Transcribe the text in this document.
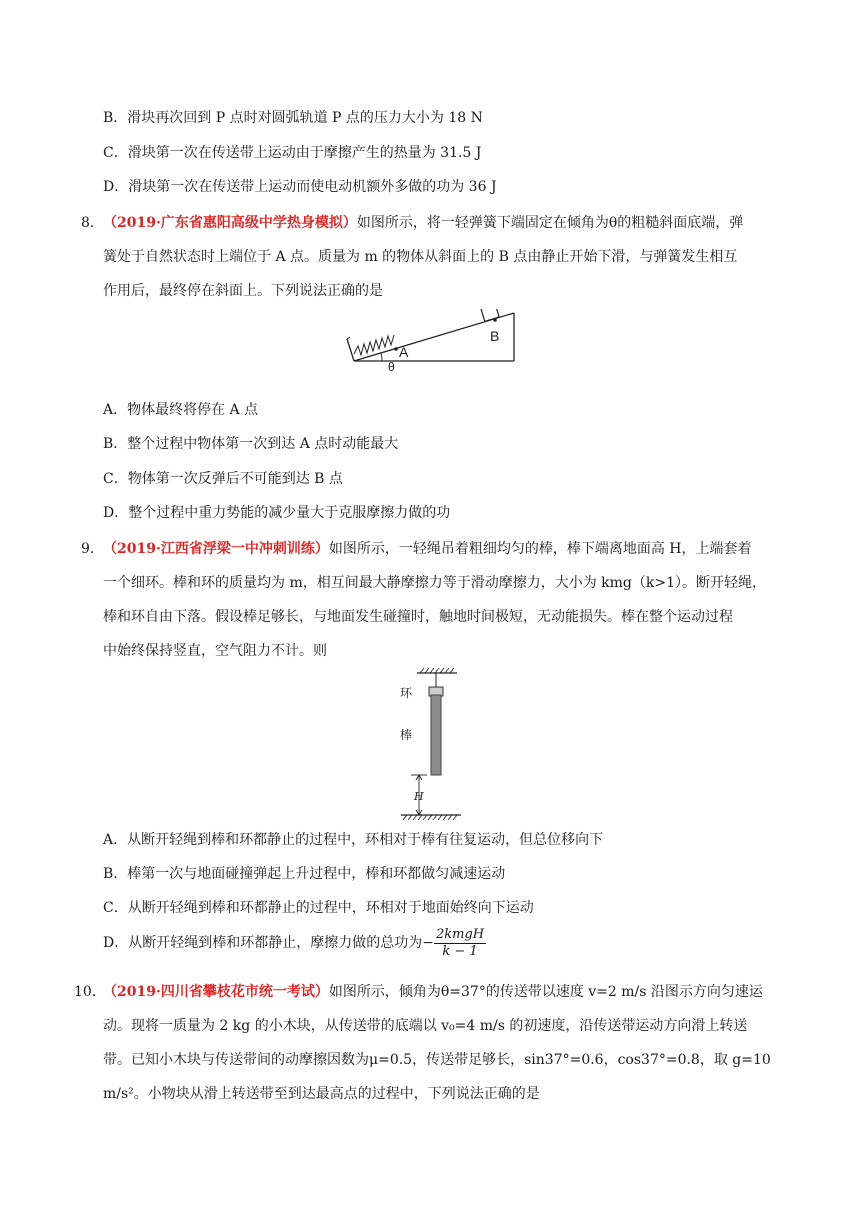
B．滑块再次回到 P 点时对圆弧轨道 P 点的压力大小为 18 N
C．滑块第一次在传送带上运动由于摩擦产生的热量为 31.5 J
D．滑块第一次在传送带上运动而使电动机额外多做的功为 36 J
8． （2019·广东省惠阳高级中学热身模拟）如图所示，将一轻弹簧下端固定在倾角为θ的粗糙斜面底端，弹
簧处于自然状态时上端位于 A 点。质量为 m 的物体从斜面上的 B 点由静止开始下滑，与弹簧发生相互
作用后，最终停在斜面上。下列说法正确的是
A
θ
B
A．物体最终将停在 A 点
B．整个过程中物体第一次到达 A 点时动能最大
C．物体第一次反弹后不可能到达 B 点
D．整个过程中重力势能的减少量大于克服摩擦力做的功
9． （2019·江西省浮梁一中冲刺训练）如图所示，一轻绳吊着粗细均匀的棒，棒下端离地面高 H，上端套着
一个细环。棒和环的质量均为 m，相互间最大静摩擦力等于滑动摩擦力，大小为 kmg（k>1）。断开轻绳，
棒和环自由下落。假设棒足够长，与地面发生碰撞时，触地时间极短，无动能损失。棒在整个运动过程
中始终保持竖直，空气阻力不计。则
环
棒
H
A．从断开轻绳到棒和环都静止的过程中，环相对于棒有往复运动，但总位移向下
B．棒第一次与地面碰撞弹起上升过程中，棒和环都做匀减速运动
C．从断开轻绳到棒和环都静止的过程中，环相对于地面始终向下运动
D．从断开轻绳到棒和环都静止，摩擦力做的总功为− $\frac{\text{2kmgH}}{k - 1}$
10．
（2019·四川省攀枝花市统一考试）如图所示，倾角为θ=37°的传送带以速度 v=2 m/s 沿图示方向匀速运
动。现将一质量为 2 kg 的小木块，从传送带的底端以 v₀=4 m/s 的初速度，沿传送带运动方向滑上转送
带。已知小木块与传送带间的动摩擦因数为μ=0.5，传送带足够长，sin37°=0.6，cos37°=0.8，取 g=10
m/s²。小物块从滑上转送带至到达最高点的过程中，下列说法正确的是
